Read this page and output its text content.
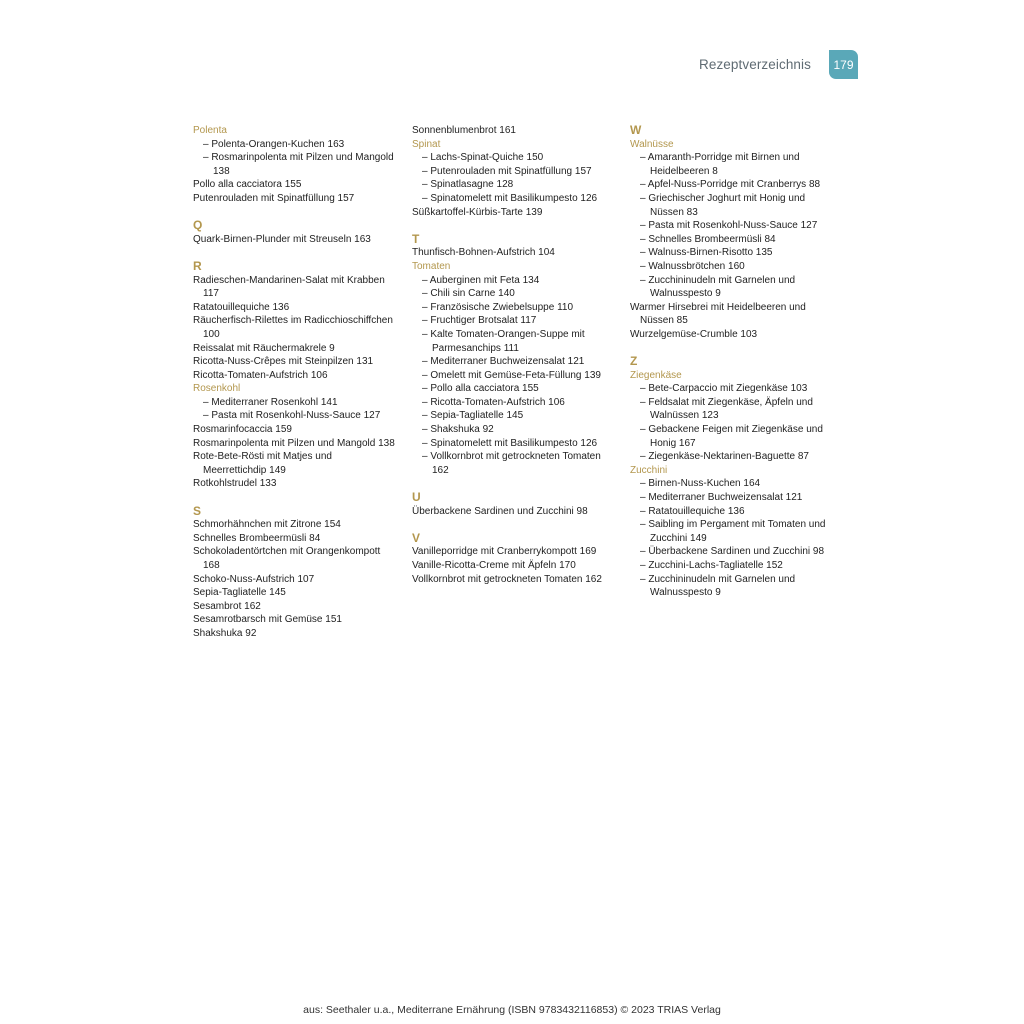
Rezeptverzeichnis	179
Polenta
– Polenta-Orangen-Kuchen 163
– Rosmarinpolenta mit Pilzen und Mangold 138
Pollo alla cacciatora 155
Putenrouladen mit Spinatfüllung 157
Q
Quark-Birnen-Plunder mit Streuseln 163
R
Radieschen-Mandarinen-Salat mit Krabben 117
Ratatouillequiche 136
Räucherfisch-Rilettes im Radicchioschiffchen 100
Reissalat mit Räuchermakrele 9
Ricotta-Nuss-Crêpes mit Steinpilzen 131
Ricotta-Tomaten-Aufstrich 106
Rosenkohl
– Mediterraner Rosenkohl 141
– Pasta mit Rosenkohl-Nuss-Sauce 127
Rosmarinfocaccia 159
Rosmarinpolenta mit Pilzen und Mangold 138
Rote-Bete-Rösti mit Matjes und Meerrettichdip 149
Rotkohlstrudel 133
S
Schmorhähnchen mit Zitrone 154
Schnelles Brombeermüsli 84
Schokoladentörtchen mit Orangenkompott 168
Schoko-Nuss-Aufstrich 107
Sepia-Tagliatelle 145
Sesambrot 162
Sesamrotbarsch mit Gemüse 151
Shakshuka 92
Sonnenblumenbrot 161
Spinat
– Lachs-Spinat-Quiche 150
– Putenrouladen mit Spinatfüllung 157
– Spinatlasagne 128
– Spinatomelett mit Basilikumpesto 126
Süßkartoffel-Kürbis-Tarte 139
T
Thunfisch-Bohnen-Aufstrich 104
Tomaten
– Auberginen mit Feta 134
– Chili sin Carne 140
– Französische Zwiebelsuppe 110
– Fruchtiger Brotsalat 117
– Kalte Tomaten-Orangen-Suppe mit Parmesanchips 111
– Mediterraner Buchweizensalat 121
– Omelett mit Gemüse-Feta-Füllung 139
– Pollo alla cacciatora 155
– Ricotta-Tomaten-Aufstrich 106
– Sepia-Tagliatelle 145
– Shakshuka 92
– Spinatomelett mit Basilikumpesto 126
– Vollkornbrot mit getrockneten Tomaten 162
U
Überbackene Sardinen und Zucchini 98
V
Vanilleporridge mit Cranberrykompott 169
Vanille-Ricotta-Creme mit Äpfeln 170
Vollkornbrot mit getrockneten Tomaten 162
W
Walnüsse
– Amaranth-Porridge mit Birnen und Heidelbeeren 8
– Apfel-Nuss-Porridge mit Cranberrys 88
– Griechischer Joghurt mit Honig und Nüssen 83
– Pasta mit Rosenkohl-Nuss-Sauce 127
– Schnelles Brombeermüsli 84
– Walnuss-Birnen-Risotto 135
– Walnussbrötchen 160
– Zucchininudeln mit Garnelen und Walnusspesto 9
Warmer Hirsebrei mit Heidelbeeren und Nüssen 85
Wurzelgemüse-Crumble 103
Z
Ziegenkäse
– Bete-Carpaccio mit Ziegenkäse 103
– Feldsalat mit Ziegenkäse, Äpfeln und Walnüssen 123
– Gebackene Feigen mit Ziegenkäse und Honig 167
– Ziegenkäse-Nektarinen-Baguette 87
Zucchini
– Birnen-Nuss-Kuchen 164
– Mediterraner Buchweizensalat 121
– Ratatouillequiche 136
– Saibling im Pergament mit Tomaten und Zucchini 149
– Überbackene Sardinen und Zucchini 98
– Zucchini-Lachs-Tagliatelle 152
– Zucchininudeln mit Garnelen und Walnusspesto 9
aus: Seethaler u.a., Mediterrane Ernährung (ISBN 9783432116853) © 2023 TRIAS Verlag
